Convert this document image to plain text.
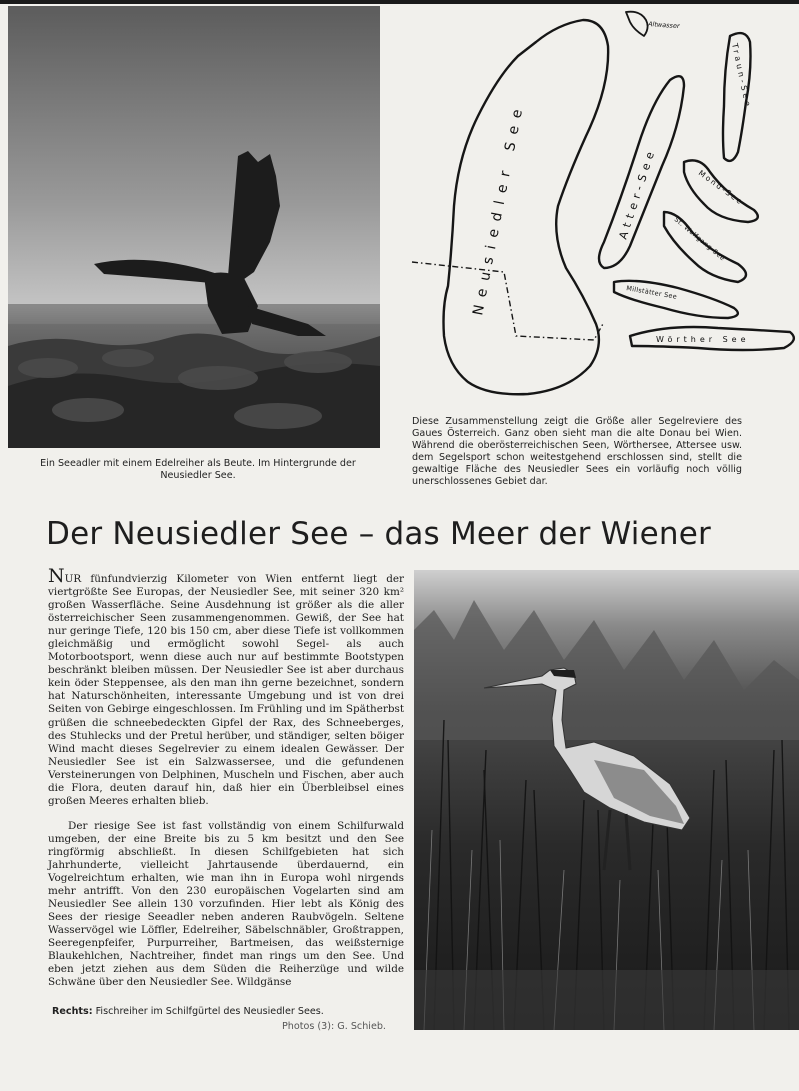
Ein Seeadler mit einem Edelreiher als Beute. Im Hintergrunde der Neusiedler See.
Neusiedler See	Atter-See
Traun-See
Mond-See
St. Wolfgang-See
Millstätter See
Wörther See
Altwasser
Diese Zusammenstellung zeigt die Größe aller Segelreviere des Gaues Österreich. Ganz oben sieht man die alte Donau bei Wien. Während die oberösterreichischen Seen, Wörthersee, Attersee usw. dem Segelsport schon weitestgehend erschlossen sind, stellt die gewaltige Fläche des Neusiedler Sees ein vorläufig noch völlig unerschlossenes Gebiet dar.
Der Neusiedler See – das Meer der Wiener

NUR fünfundvierzig Kilometer von Wien entfernt liegt der viertgrößte See Europas, der Neusiedler See, mit seiner 320 km² großen Wasserfläche. Seine Ausdehnung ist größer als die aller österreichischer Seen zusammengenommen. Gewiß, der See hat nur geringe Tiefe, 120 bis 150 cm, aber diese Tiefe ist vollkommen gleichmäßig und ermöglicht sowohl Segel- als auch Motorbootsport, wenn diese auch nur auf bestimmte Bootstypen beschränkt bleiben müssen. Der Neusiedler See ist aber durchaus kein öder Steppensee, als den man ihn gerne bezeichnet, sondern hat Naturschönheiten, interessante Umgebung und ist von drei Seiten von Gebirge eingeschlossen. Im Frühling und im Spätherbst grüßen die schneebedeckten Gipfel der Rax, des Schneeberges, des Stuhlecks und der Pretul herüber, und ständiger, selten böiger Wind macht dieses Segelrevier zu einem idealen Gewässer. Der Neusiedler See ist ein Salzwassersee, und die gefundenen Versteinerungen von Delphinen, Muscheln und Fischen, aber auch die Flora, deuten darauf hin, daß hier ein Überbleibsel eines großen Meeres erhalten blieb.

Der riesige See ist fast vollständig von einem Schilfurwald umgeben, der eine Breite bis zu 5 km besitzt und den See ringförmig abschließt. In diesen Schilfgebieten hat sich Jahrhunderte, vielleicht Jahrtausende überdauernd, ein Vogelreichtum erhalten, wie man ihn in Europa wohl nirgends mehr antrifft. Von den 230 europäischen Vogelarten sind am Neusiedler See allein 130 vorzufinden. Hier lebt als König des Sees der riesige Seeadler neben anderen Raubvögeln. Seltene Wasservögel wie Löffler, Edelreiher, Säbelschnäbler, Großtrappen, Seeregenpfeifer, Purpurreiher, Bartmeisen, das weißsternige Blaukehlchen, Nachtreiher, findet man rings um den See. Und eben jetzt ziehen aus dem Süden die Reiherzüge und wilde Schwäne über den Neusiedler See. Wildgänse

Rechts: Fischreiher im Schilfgürtel des Neusiedler Sees.
Photos (3): G. Schieb.
